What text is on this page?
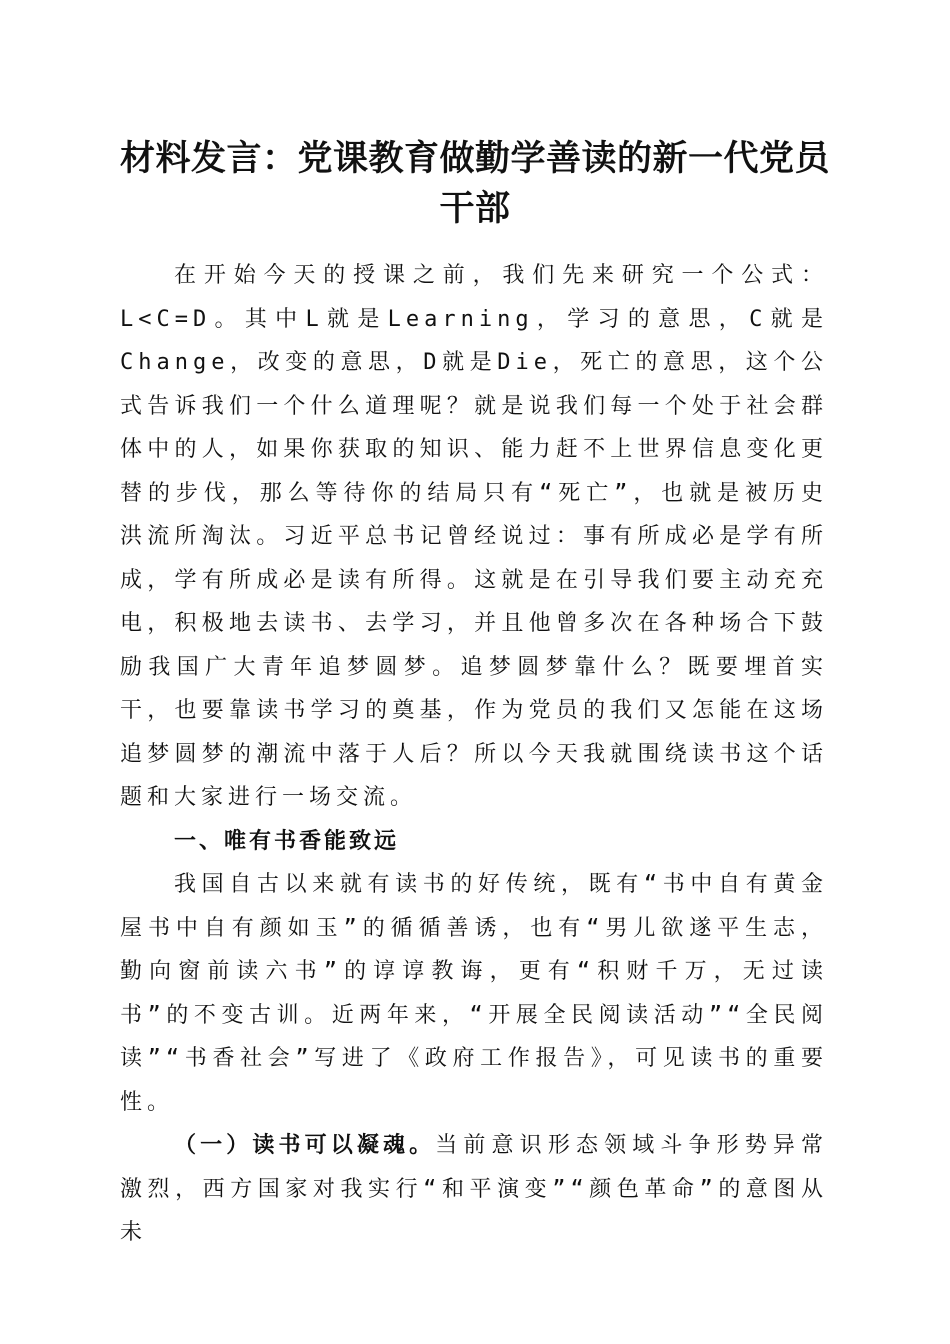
材料发言：党课教育做勤学善读的新一代党员
干部

在开始今天的授课之前，我们先来研究一个公式：L<C=D。其中L就是Learning，学习的意思，C就是Change，改变的意思，D就是Die，死亡的意思，这个公式告诉我们一个什么道理呢？就是说我们每一个处于社会群体中的人，如果你获取的知识、能力赶不上世界信息变化更替的步伐，那么等待你的结局只有“死亡”，也就是被历史洪流所淘汰。习近平总书记曾经说过：事有所成必是学有所成，学有所成必是读有所得。这就是在引导我们要主动充充电，积极地去读书、去学习，并且他曾多次在各种场合下鼓励我国广大青年追梦圆梦。追梦圆梦靠什么？既要埋首实干，也要靠读书学习的奠基，作为党员的我们又怎能在这场追梦圆梦的潮流中落于人后？所以今天我就围绕读书这个话题和大家进行一场交流。

一、唯有书香能致远

我国自古以来就有读书的好传统，既有“书中自有黄金屋书中自有颜如玉”的循循善诱，也有“男儿欲遂平生志，勤向窗前读六书”的谆谆教诲，更有“积财千万，无过读书”的不变古训。近两年来，“开展全民阅读活动”“全民阅读”“书香社会”写进了《政府工作报告》，可见读书的重要性。

（一）读书可以凝魂。当前意识形态领域斗争形势异常激烈，西方国家对我实行“和平演变”“颜色革命”的意图从未
